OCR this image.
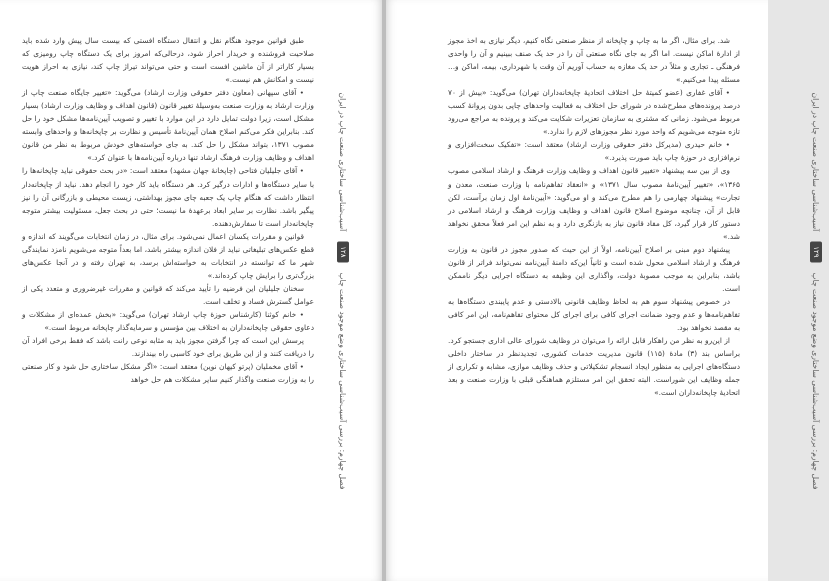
طبق قوانین موجود هنگام نقل و انتقال دستگاه افستی که بیست سال پیش وارد شده باید صلاحیت فروشنده و خریدار احراز شود، درحالی‌که امروز برای یک دستگاه چاپ رومیزی که بسیار کاراتر از آن ماشین افست است و حتی می‌تواند تیراژ چاپ کند، نیازی به احراز هویت نیست و امکانش هم نیست.»

• آقای سپهانی (معاون دفتر حقوقی وزارت ارشاد) می‌گوید: «تغییر جایگاه صنعت چاپ از وزارت ارشاد به وزارت صنعت به‌وسیلهٔ تغییر قانون (قانون اهداف و وظایف وزارت ارشاد) بسیار مشکل است، زیرا دولت تمایل دارد در این موارد با تغییر و تصویب آیین‌نامه‌ها مشکل خود را حل کند. بنابراین فکر می‌کنم اصلاح همان آیین‌نامهٔ تأسیس و نظارت بر چاپخانه‌ها و واحدهای وابسته مصوب ۱۳۷۱، بتواند مشکل را حل کند. به جای خواسته‌های خودش مربوط به نظر من قانون اهداف و وظایف وزارت فرهنگ ارشاد تنها درباره آیین‌نامه‌ها با عنوان کرد.»

• آقای جلیلیان فتاحی (چاپخانهٔ جهان مشهد) معتقد است: «در بحث حقوقی نباید چاپخانه‌ها را با سایر دستگاه‌ها و ادارات درگیر کرد. هر دستگاه باید کار خود را انجام دهد. نباید از چاپخانه‌دار انتظار داشت که هنگام چاپ یک جعبه چای مجوز بهداشتی، زیست محیطی و بازرگانی آن را نیز پیگیر باشد. نظارت بر سایر ابعاد برعهدهٔ ما نیست؛ حتی در بحث جعل، مسئولیت بیشتر متوجه چاپخانه‌دار است تا سفارش‌دهنده.

قوانین و مقررات یکسان اعمال نمی‌شود. برای مثال، در زمان انتخابات می‌گویند که اندازه و قطع عکس‌های تبلیغاتی نباید از فلان اندازه بیشتر باشد، اما بعداً متوجه می‌شویم نامزد نمایندگی شهر ما که توانسته در انتخابات به خواسته‌اش برسد، به تهران رفته و در آنجا عکس‌های بزرگ‌تری را برایش چاپ کرده‌اند.»

سخنان جلیلیان این فرضیه را تأیید می‌کند که قوانین و مقررات غیرضروری و متعدد یکی از عوامل گسترش فساد و تخلف است.

• خانم کوثنا (کارشناس حوزهٔ چاپ ارشاد تهران) می‌گوید: «بخش عمده‌ای از مشکلات و دعاوی حقوقی چاپخانه‌داران به اختلاف بین مؤسس و سرمایه‌گذار چاپخانه مربوط است.»

پرسش این است که چرا گرفتن مجوز باید به مثابه نوعی رانت باشد که فقط برخی افراد آن را دریافت کنند و از این طریق برای خود کاسبی راه بیندازند.

• آقای مخملیان (پرتو کیهان نوین) معتقد است: «اگر مشکل ساختاری حل شود و کار صنعتی را به وزارت صنعت واگذار کنیم سایر مشکلات هم حل خواهد	فصل چهارم: بررسی آسیب‌شناسی ساختاری وضع موجود صنعت چاپ
۱۲۸
آسیب‌شناسی ساختاری صنعت چاپ در ایران
فصل چهارم: بررسی آسیب‌شناسی ساختاری وضع موجود صنعت چاپ
۱۲۹
آسیب‌شناسی ساختاری صنعت چاپ در ایران

شد. برای مثال، اگر ما به چاپ و چاپخانه از منظر صنعتی نگاه کنیم، دیگر نیازی به اخذ مجوز از ادارهٔ اماکن نیست. اما اگر به جای نگاه صنعتی آن را در حد یک صنف ببینیم و آن را واحدی فرهنگی ـ تجاری و مثلاً در حد یک مغازه به حساب آوریم آن وقت با شهرداری، بیمه، اماکن و... مسئله پیدا می‌کنیم.»

• آقای غفاری (عضو کمیتهٔ حل اختلاف اتحادیهٔ چاپخانه‌داران تهران) می‌گوید: «بیش از ۷۰ درصد پرونده‌های مطرح‌شده در شورای حل اختلاف به فعالیت واحدهای چاپی بدون پروانهٔ کسب مربوط می‌شود. زمانی که مشتری به سازمان تعزیرات شکایت می‌کند و پرونده به مراجع می‌رود تازه متوجه می‌شویم که واحد مورد نظر مجوزهای لازم را ندارد.»

• خانم حیدری (مدیرکل دفتر حقوقی وزارت ارشاد) معتقد است: «تفکیک سخت‌افزاری و نرم‌افزاری در حوزهٔ چاپ باید صورت پذیرد.»

وی از بین سه پیشنهاد «تغییر قانون اهداف و وظایف وزارت فرهنگ و ارشاد اسلامی مصوب ۱۳۶۵»، «تغییر آیین‌نامهٔ مصوب سال ۱۳۷۱» و «انعقاد تفاهم‌نامه با وزارت صنعت، معدن و تجارت» پیشنهاد چهارمی را هم مطرح می‌کند و او می‌گوید: «آیین‌نامهٔ اول زمان برآست، لکن قابل از آن، چنانچه موضوع اصلاح قانون اهداف و وظایف وزارت فرهنگ و ارشاد اسلامی در دستور کار قرار گیرد، کل مفاد قانون نیاز به بازنگری دارد و به نظم این امر فعلاً محقق نخواهد شد.»

پیشنهاد دوم مبنی بر اصلاح آیین‌نامه، اولاً از این حیث که صدور مجوز در قانون به وزارت فرهنگ و ارشاد اسلامی محول شده است و ثانیاً این‌که دامنهٔ آیین‌نامه نمی‌تواند فراتر از قانون باشد، بنابراین به موجب مصوبهٔ دولت، واگذاری این وظیفه به دستگاه اجرایی دیگر ناممکن است.

در خصوص پیشنهاد سوم هم به لحاظ وظایف قانونی بالادستی و عدم پایبندی دستگاه‌ها به تفاهم‌نامه‌ها و عدم وجود ضمانت اجرای کافی برای اجرای کل محتوای تفاهم‌نامه، این امر کافی به مقصد نخواهد بود.

از این‌رو به نظر من راهکار قابل ارائه را می‌توان در وظایف شورای عالی اداری جستجو کرد. براساس بند (۳) مادهٔ (۱۱۵) قانون مدیریت خدمات کشوری، تجدیدنظر در ساختار داخلی دستگاه‌های اجرایی به منظور ایجاد انسجام تشکیلاتی و حذف وظایف موازی، مشابه و تکراری از جمله وظایف این شوراست. البته تحقق این امر مستلزم هماهنگی قبلی با وزارت صنعت و بعد اتحادیهٔ چاپخانه‌داران است.»
